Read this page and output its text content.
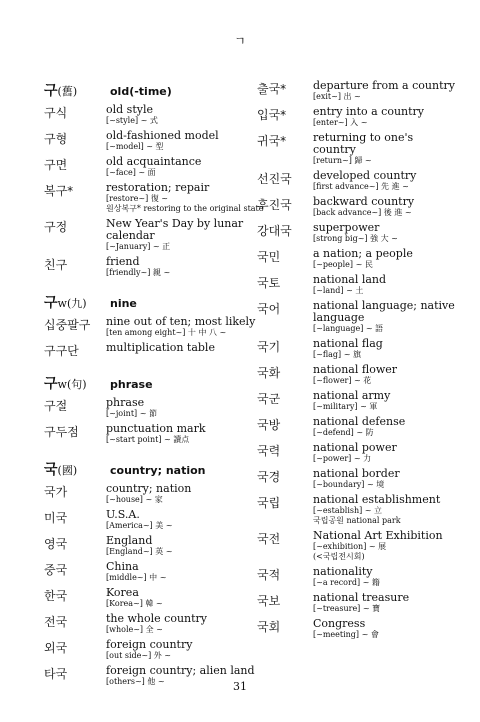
ㄱ
구(舊)	old(-time)
구식	old style
[~style] ~ 式
구형	old-fashioned model
[~model] ~ 型
구면	old acquaintance
[~face] ~ 面
복구*	restoration; repair
[restore~] 復 ~
원상복구* restoring to the original state
구정	New Year's Day by lunar calendar
[~January] ~ 正
친구	friend
[friendly~] 親 ~
구w(九)	nine
십중팔구	nine out of ten; most likely
[ten among eight~] 十 中 八 ~
구구단	multiplication table
구w(句)	phrase
구절	phrase
[~joint] ~ 節
구두점	punctuation mark
[~start point] ~ 讀点
국(國)	country; nation
국가	country; nation
[~house] ~ 家
미국	U.S.A.
[America~] 美 ~
영국	England
[England~] 英 ~
중국	China
[middle~] 中 ~
한국	Korea
[Korea~] 韓 ~
전국	the whole country
[whole~] 全 ~
외국	foreign country
[out side~] 外 ~
타국	foreign country; alien land
[others~] 他 ~
출국*	departure from a country
[exit~] 出 ~
입국*	entry into a country
[enter~] 入 ~
귀국*	returning to one's country
[return~] 歸 ~
선진국	developed country
[first advance~] 先 進 ~
후진국	backward country
[back advance~] 後 進 ~
강대국	superpower
[strong big~] 強 大 ~
국민	a nation; a people
[~people] ~ 民
국토	national land
[~land] ~ 土
국어	national language; native language
[~language] ~ 語
국기	national flag
[~flag] ~ 旗
국화	national flower
[~flower] ~ 花
국군	national army
[~military] ~ 軍
국방	national defense
[~defend] ~ 防
국력	national power
[~power] ~ 力
국경	national border
[~boundary] ~ 境
국립	national establishment
[~establish] ~ 立
국립공원 national park
국전	National Art Exhibition
[~exhibition] ~ 展
(<국립전시회)
국적	nationality
[~a record] ~ 籍
국보	national treasure
[~treasure] ~ 寶
국회	Congress
[~meeting] ~ 會
31
